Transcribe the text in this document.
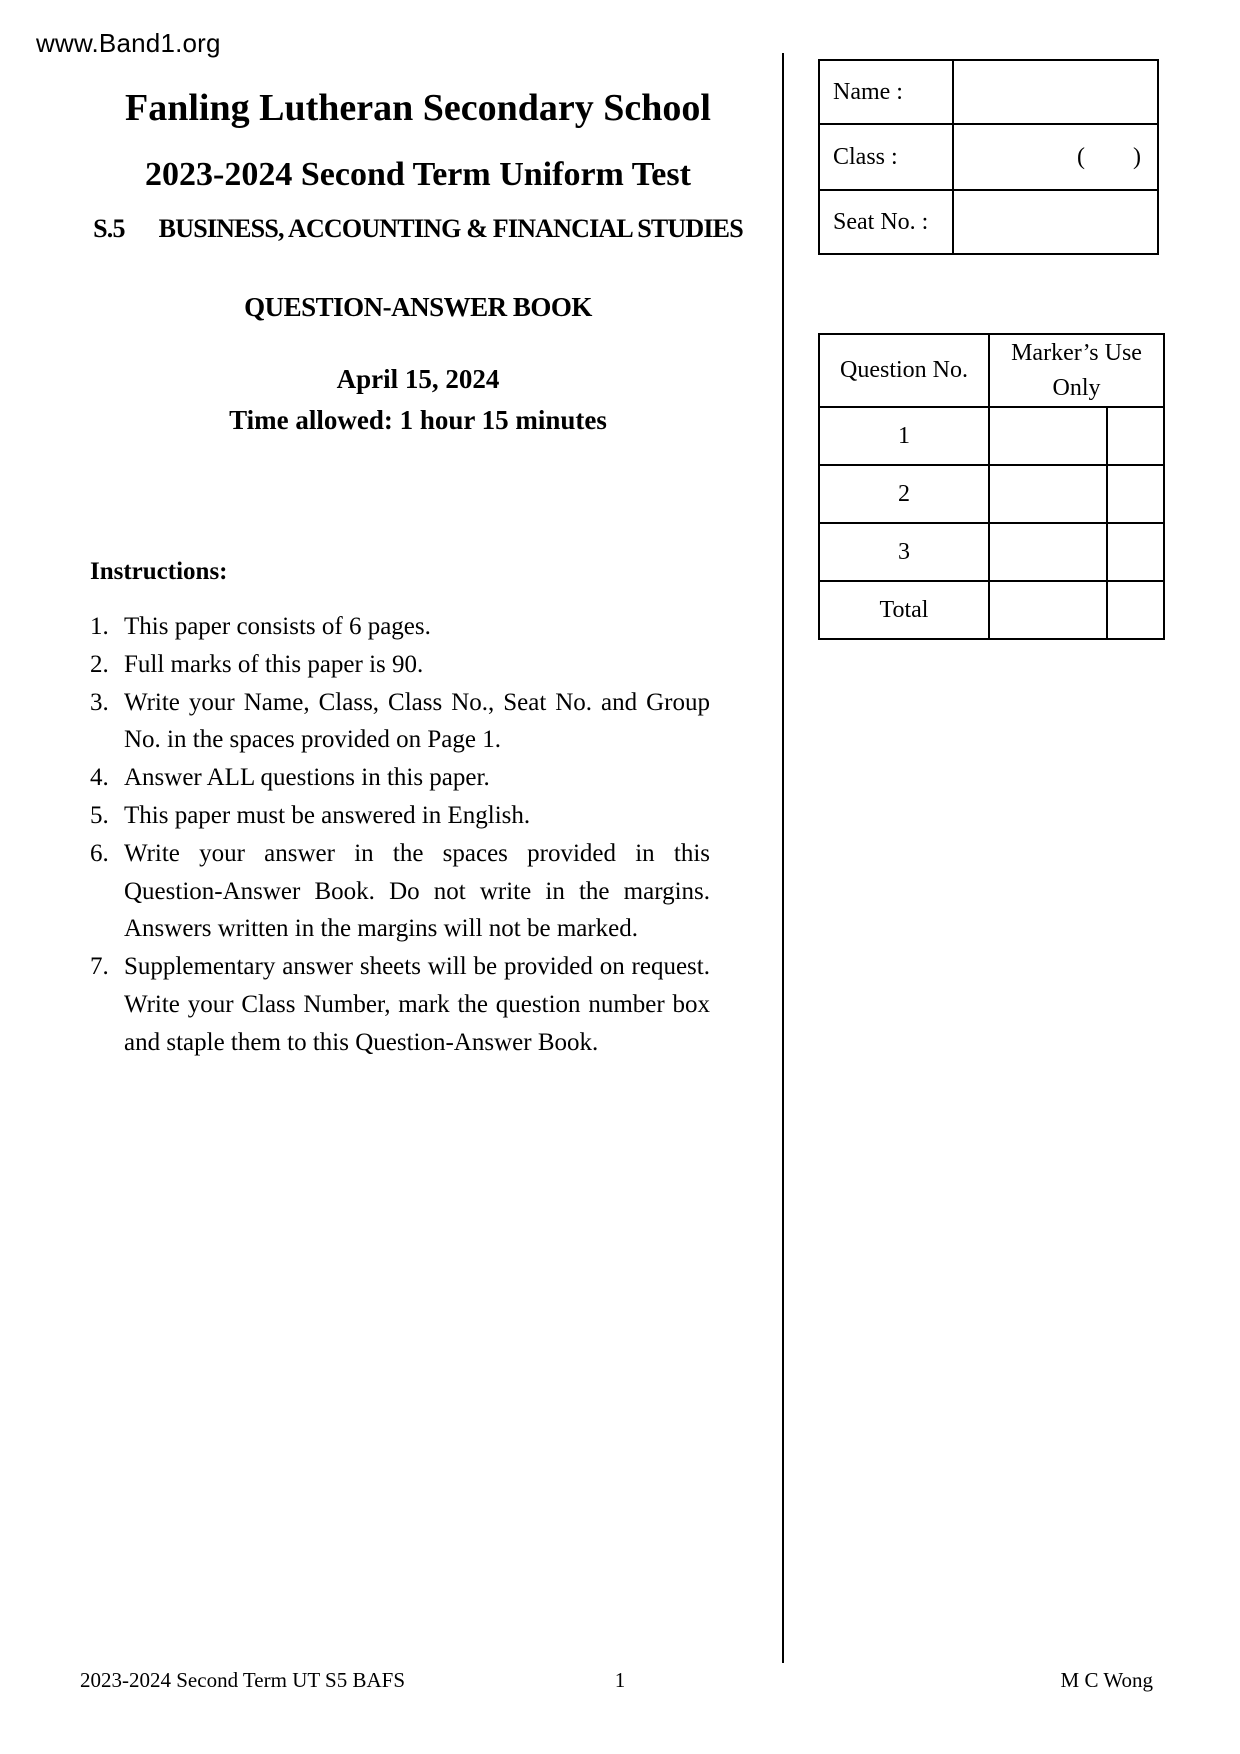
www.Band1.org
Fanling Lutheran Secondary School
2023-2024 Second Term Uniform Test
S.5 BUSINESS, ACCOUNTING & FINANCIAL STUDIES
QUESTION-ANSWER BOOK
April 15, 2024
Time allowed: 1 hour 15 minutes
Name :	
Class :	( )

Seat No. :	
Question No.	Marker’s Use Only	
1		
2		
3		
Total		
Instructions:
1. This paper consists of 6 pages.
2. Full marks of this paper is 90.
3. Write your Name, Class, Class No., Seat No. and Group No. in the spaces provided on Page 1.
4. Answer ALL questions in this paper.
5. This paper must be answered in English.
6. Write your answer in the spaces provided in this Question-Answer Book. Do not write in the margins. Answers written in the margins will not be marked.
7. Supplementary answer sheets will be provided on request. Write your Class Number, mark the question number box and staple them to this Question-Answer Book.
2023-2024 Second Term UT S5 BAFS	1	M C Wong
